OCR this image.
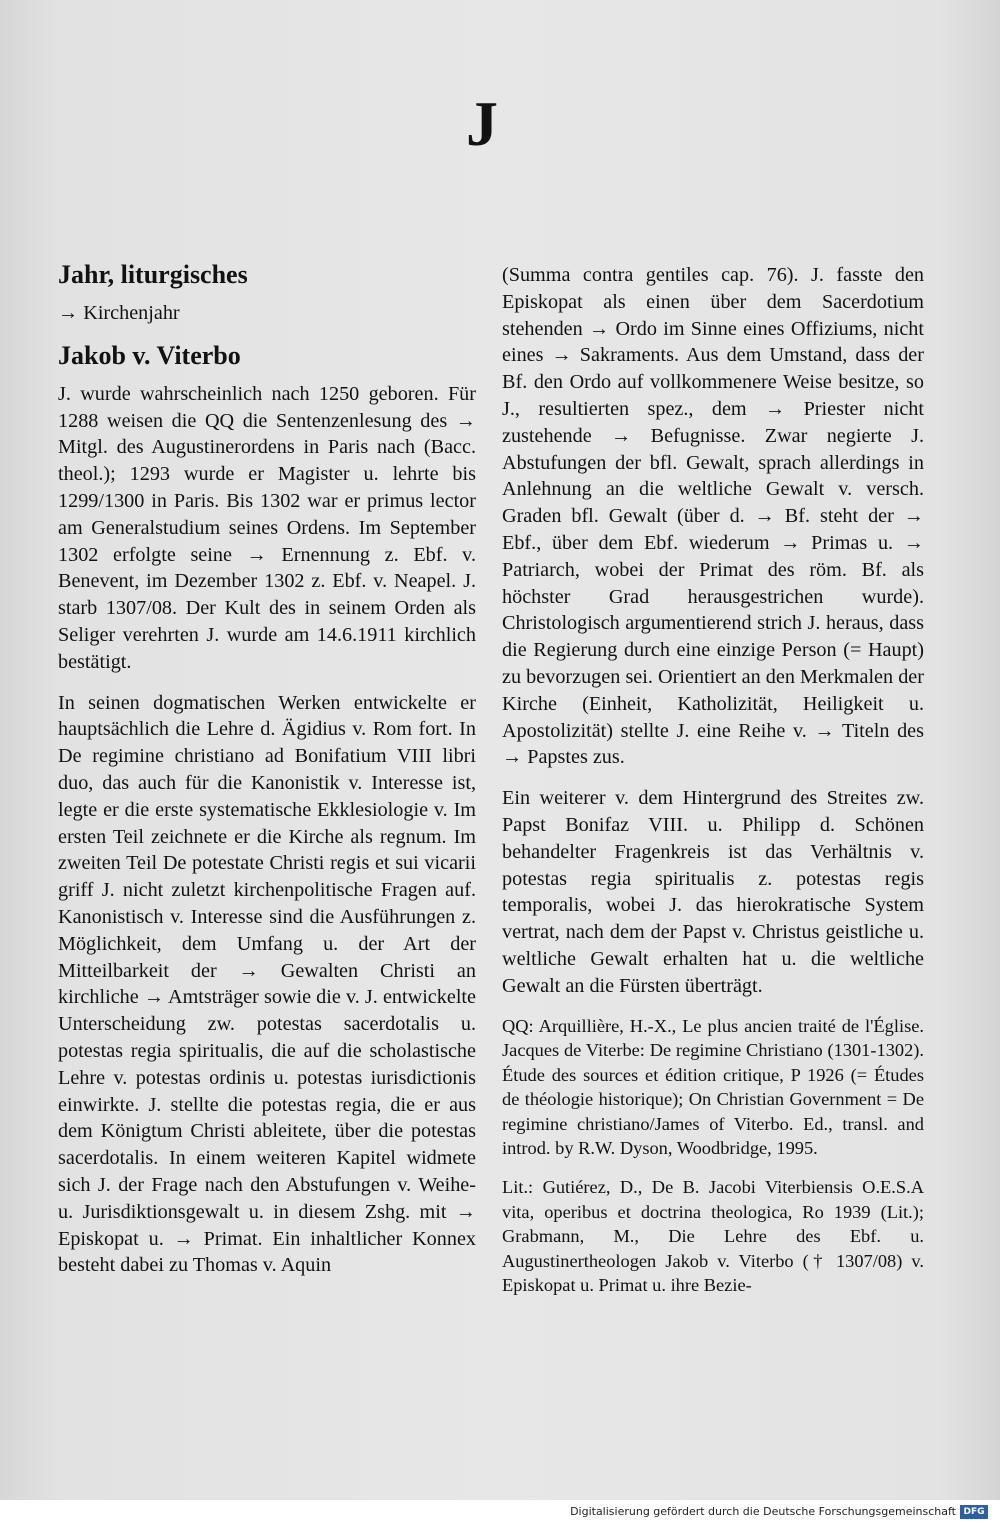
J
Jahr, liturgisches
→ Kirchenjahr
Jakob v. Viterbo

J. wurde wahrscheinlich nach 1250 geboren. Für 1288 weisen die QQ die Sentenzenlesung des → Mitgl. des Augustinerordens in Paris nach (Bacc. theol.); 1293 wurde er Magister u. lehrte bis 1299/1300 in Paris. Bis 1302 war er primus lector am Generalstudium seines Ordens. Im September 1302 erfolgte seine → Ernennung z. Ebf. v. Benevent, im Dezember 1302 z. Ebf. v. Neapel. J. starb 1307/08. Der Kult des in seinem Orden als Seliger verehrten J. wurde am 14.6.1911 kirchlich bestätigt.

In seinen dogmatischen Werken entwickelte er hauptsächlich die Lehre d. Ägidius v. Rom fort. In De regimine christiano ad Bonifatium VIII libri duo, das auch für die Kanonistik v. Interesse ist, legte er die erste systematische Ekklesiologie v. Im ersten Teil zeichnete er die Kirche als regnum. Im zweiten Teil De potestate Christi regis et sui vicarii griff J. nicht zuletzt kirchenpolitische Fragen auf. Kanonistisch v. Interesse sind die Ausführungen z. Möglichkeit, dem Umfang u. der Art der Mitteilbarkeit der → Gewalten Christi an kirchliche → Amtsträger sowie die v. J. entwickelte Unterscheidung zw. potestas sacerdotalis u. potestas regia spiritualis, die auf die scholastische Lehre v. potestas ordinis u. potestas iurisdictionis einwirkte. J. stellte die potestas regia, die er aus dem Königtum Christi ableitete, über die potestas sacerdotalis. In einem weiteren Kapitel widmete sich J. der Frage nach den Abstufungen v. Weihe- u. Jurisdiktionsgewalt u. in diesem Zshg. mit → Episkopat u. → Primat. Ein inhaltlicher Konnex besteht dabei zu Thomas v. Aquin

(Summa contra gentiles cap. 76). J. fasste den Episkopat als einen über dem Sacerdotium stehenden → Ordo im Sinne eines Offiziums, nicht eines → Sakraments. Aus dem Umstand, dass der Bf. den Ordo auf vollkommenere Weise besitze, so J., resultierten spez., dem → Priester nicht zustehende → Befugnisse. Zwar negierte J. Abstufungen der bfl. Gewalt, sprach allerdings in Anlehnung an die weltliche Gewalt v. versch. Graden bfl. Gewalt (über d. → Bf. steht der → Ebf., über dem Ebf. wiederum → Primas u. → Patriarch, wobei der Primat des röm. Bf. als höchster Grad herausgestrichen wurde). Christologisch argumentierend strich J. heraus, dass die Regierung durch eine einzige Person (= Haupt) zu bevorzugen sei. Orientiert an den Merkmalen der Kirche (Einheit, Katholizität, Heiligkeit u. Apostolizität) stellte J. eine Reihe v. → Titeln des → Papstes zus.

Ein weiterer v. dem Hintergrund des Streites zw. Papst Bonifaz VIII. u. Philipp d. Schönen behandelter Fragenkreis ist das Verhältnis v. potestas regia spiritualis z. potestas regis temporalis, wobei J. das hierokratische System vertrat, nach dem der Papst v. Christus geistliche u. weltliche Gewalt erhalten hat u. die weltliche Gewalt an die Fürsten überträgt.

QQ: Arquillière, H.-X., Le plus ancien traité de l'Église. Jacques de Viterbe: De regimine Christiano (1301-1302). Étude des sources et édition critique, P 1926 (= Études de théologie historique); On Christian Government = De regimine christiano/James of Viterbo. Ed., transl. and introd. by R.W. Dyson, Woodbridge, 1995.

Lit.: Gutiérez, D., De B. Jacobi Viterbiensis O.E.S.A vita, operibus et doctrina theologica, Ro 1939 (Lit.); Grabmann, M., Die Lehre des Ebf. u. Augustinertheologen Jakob v. Viterbo († 1307/08) v. Episkopat u. Primat u. ihre Bezie-

Digitalisierung gefördert durch die Deutsche Forschungsgemeinschaft DFG
